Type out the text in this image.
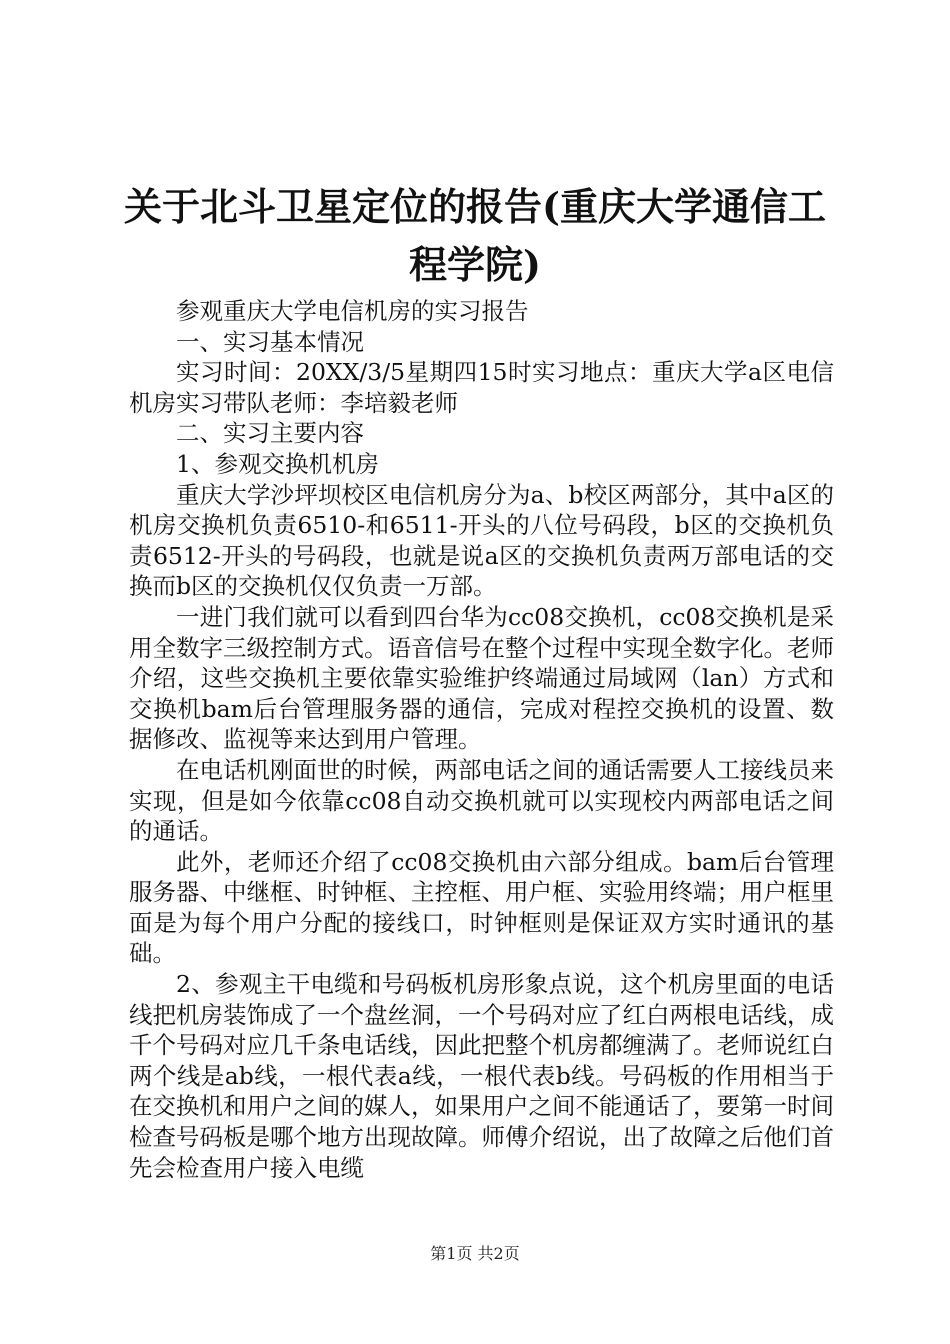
关于北斗卫星定位的报告(重庆大学通信工程学院)

参观重庆大学电信机房的实习报告

一、实习基本情况

实习时间：20XX/3/5星期四15时实习地点：重庆大学a区电信机房实习带队老师：李培毅老师

二、实习主要内容

1、参观交换机机房

重庆大学沙坪坝校区电信机房分为a、b校区两部分，其中a区的机房交换机负责6510-和6511-开头的八位号码段，b区的交换机负责6512-开头的号码段，也就是说a区的交换机负责两万部电话的交换而b区的交换机仅仅负责一万部。

一进门我们就可以看到四台华为cc08交换机，cc08交换机是采用全数字三级控制方式。语音信号在整个过程中实现全数字化。老师介绍，这些交换机主要依靠实验维护终端通过局域网（lan）方式和交换机bam后台管理服务器的通信，完成对程控交换机的设置、数据修改、监视等来达到用户管理。

在电话机刚面世的时候，两部电话之间的通话需要人工接线员来实现，但是如今依靠cc08自动交换机就可以实现校内两部电话之间的通话。

此外，老师还介绍了cc08交换机由六部分组成。bam后台管理服务器、中继框、时钟框、主控框、用户框、实验用终端；用户框里面是为每个用户分配的接线口，时钟框则是保证双方实时通讯的基础。

2、参观主干电缆和号码板机房形象点说，这个机房里面的电话线把机房装饰成了一个盘丝洞，一个号码对应了红白两根电话线，成千个号码对应几千条电话线，因此把整个机房都缠满了。老师说红白两个线是ab线，一根代表a线，一根代表b线。号码板的作用相当于在交换机和用户之间的媒人，如果用户之间不能通话了，要第一时间检查号码板是哪个地方出现故障。师傅介绍说，出了故障之后他们首先会检查用户接入电缆

第1页 共2页
